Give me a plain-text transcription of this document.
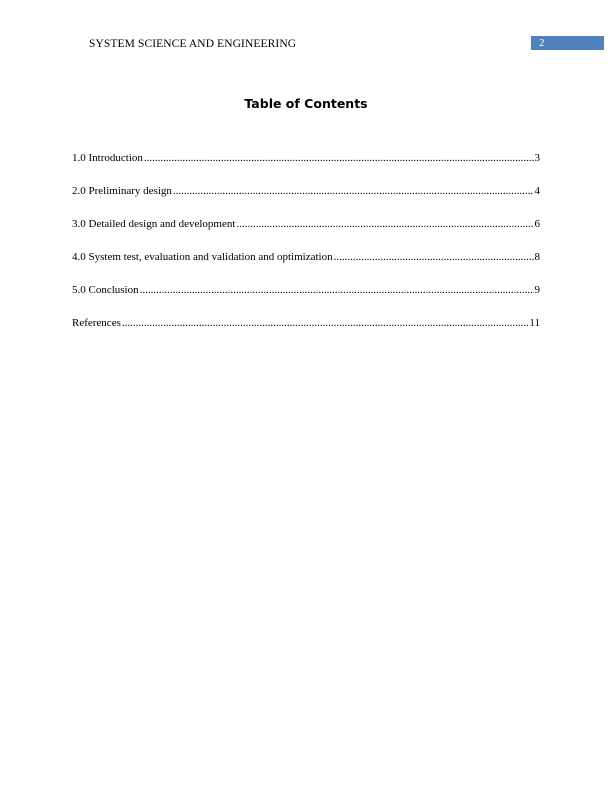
SYSTEM SCIENCE AND ENGINEERING	2
Table of Contents
1.0 Introduction .....	3
2.0 Preliminary design .....	4
3.0 Detailed design and development .....	6
4.0 System test, evaluation and validation and optimization .....	8
5.0 Conclusion .....	9
References .....	11
